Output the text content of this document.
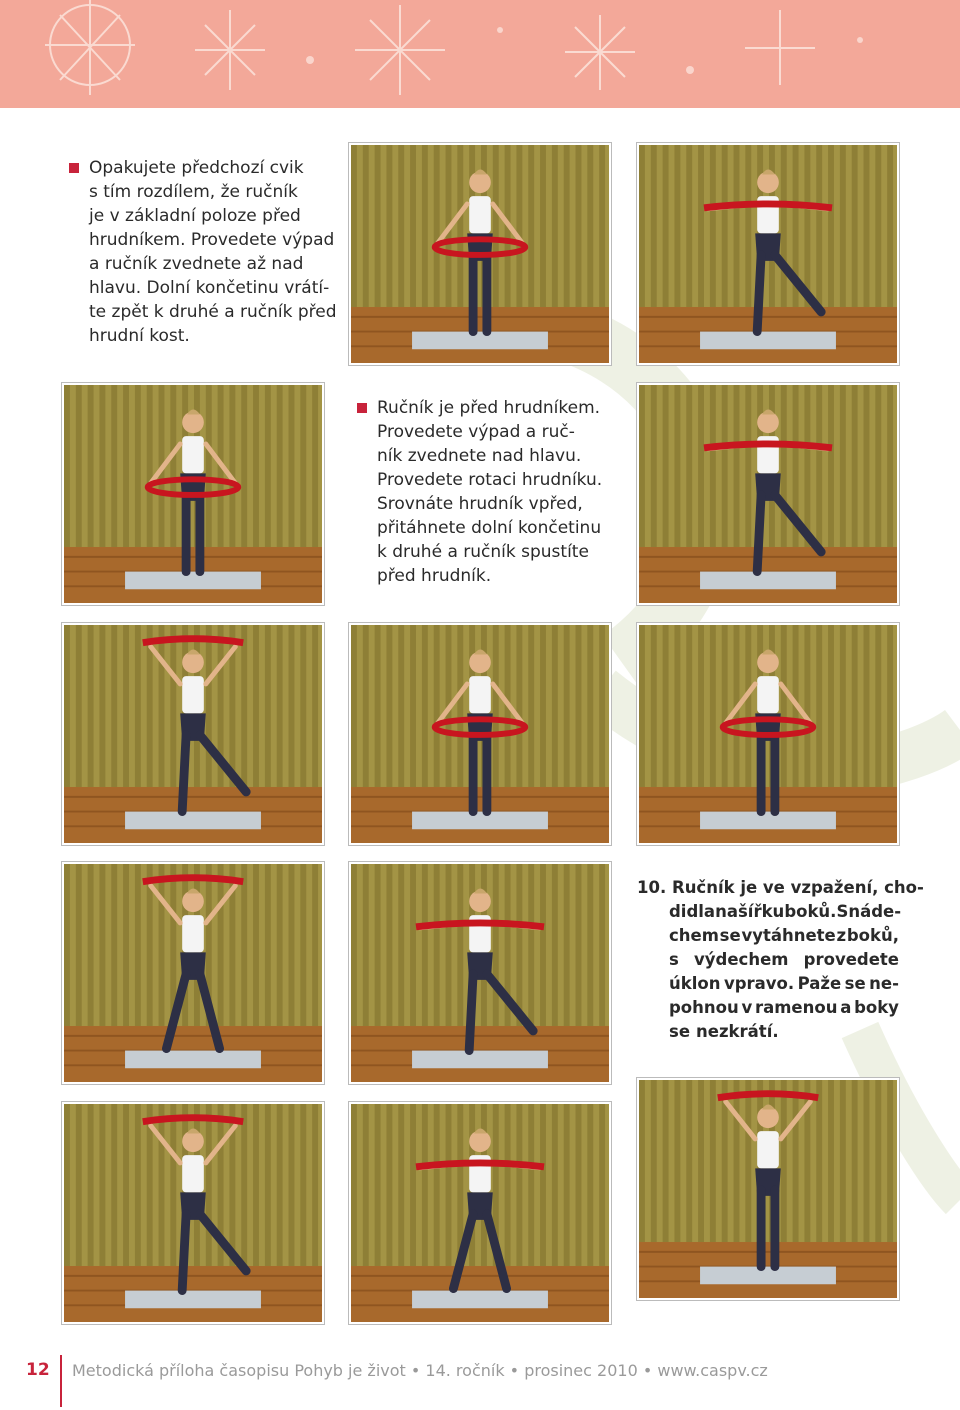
Opakujete předchozí cvik
s tím rozdílem, že ručník
je v základní poloze před
hrudníkem. Provedete výpad
a ručník zvednete až nad
hlavu. Dolní končetinu vrátí-
te zpět k druhé a ručník před
hrudní kost.
Ručník je před hrudníkem.
Provedete výpad a ruč-
ník zvednete nad hlavu.
Provedete rotaci hrudníku.
Srovnáte hrudník vpřed,
přitáhnete dolní končetinu
k druhé a ručník spustíte
před hrudník.
10. Ručník je ve vzpažení, cho-
didla na šířku boků. S náde-
chem se vytáhnete z boků,
s výdechem provedete
úklon vpravo. Paže se ne-
pohnou v ramenou a boky
se nezkrátí.
12 Metodická příloha časopisu Pohyb je život • 14. ročník • prosinec 2010 • www.caspv.cz
